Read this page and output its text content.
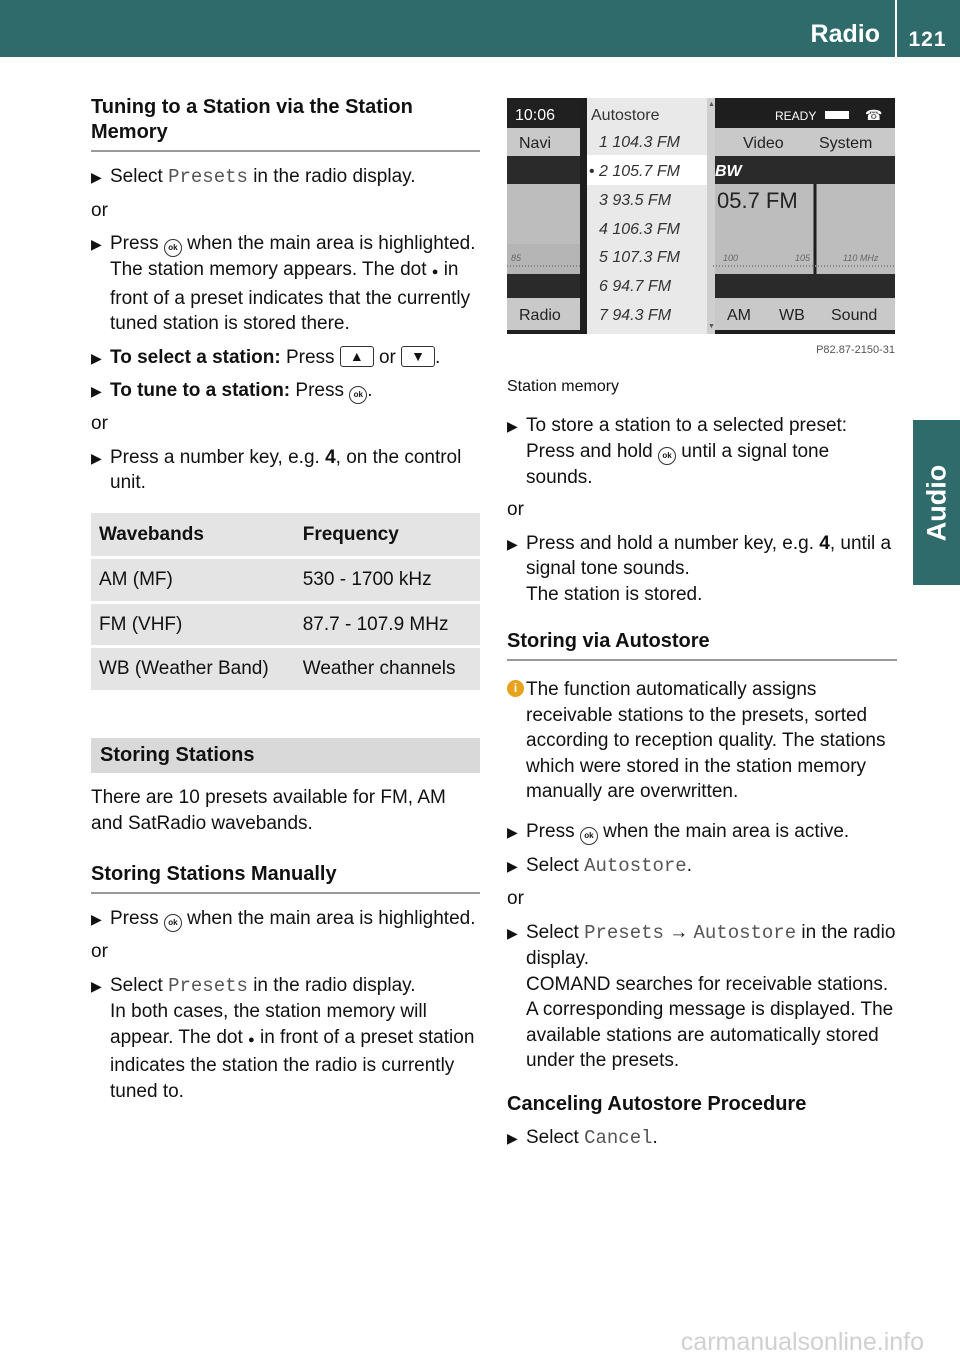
Radio 121
Audio
Tuning to a Station via the Station Memory
▶ Select Presets in the radio display.
or
▶ Press ok when the main area is highlighted. The station memory appears. The dot ● in front of a preset indicates that the currently tuned station is stored there.
▶ To select a station: Press ▲ or ▼ .
▶ To tune to a station: Press ok .
or
▶ Press a number key, e.g. 4, on the control unit.
Wavebands	Frequency
AM (MF)	530 - 1700 kHz
FM (VHF)	87.7 - 107.9 MHz
WB (Weather Band)	Weather channels
Storing Stations
There are 10 presets available for FM, AM and SatRadio wavebands.
Storing Stations Manually
▶ Press ok when the main area is highlighted.
or
▶ Select Presets in the radio display.
In both cases, the station memory will appear. The dot ● in front of a preset station indicates the station the radio is currently tuned to.
10:06 Autostore	READY	☎
Navi	Video System
BW
05.7 FM
85	100	105	110 MHz
1 104.3 FM
• 2 105.7 FM
3 93.5 FM
4 106.3 FM
5 107.3 FM
6 94.7 FM
7 94.3 FM
▲
▼
Radio	AM WB Sound
P82.87-2150-31
Station memory
▶ To store a station to a selected preset: Press and hold ok until a signal tone sounds.
or
▶ Press and hold a number key, e.g. 4, until a signal tone sounds.
The station is stored.
Storing via Autostore
i The function automatically assigns receivable stations to the presets, sorted according to reception quality. The stations which were stored in the station memory manually are overwritten.
▶ Press ok when the main area is active.
▶ Select Autostore.
or
▶ Select Presets → Autostore in the radio display.
COMAND searches for receivable stations. A corresponding message is displayed. The available stations are automatically stored under the presets.
Canceling Autostore Procedure
▶ Select Cancel.
carmanualsonline.info
